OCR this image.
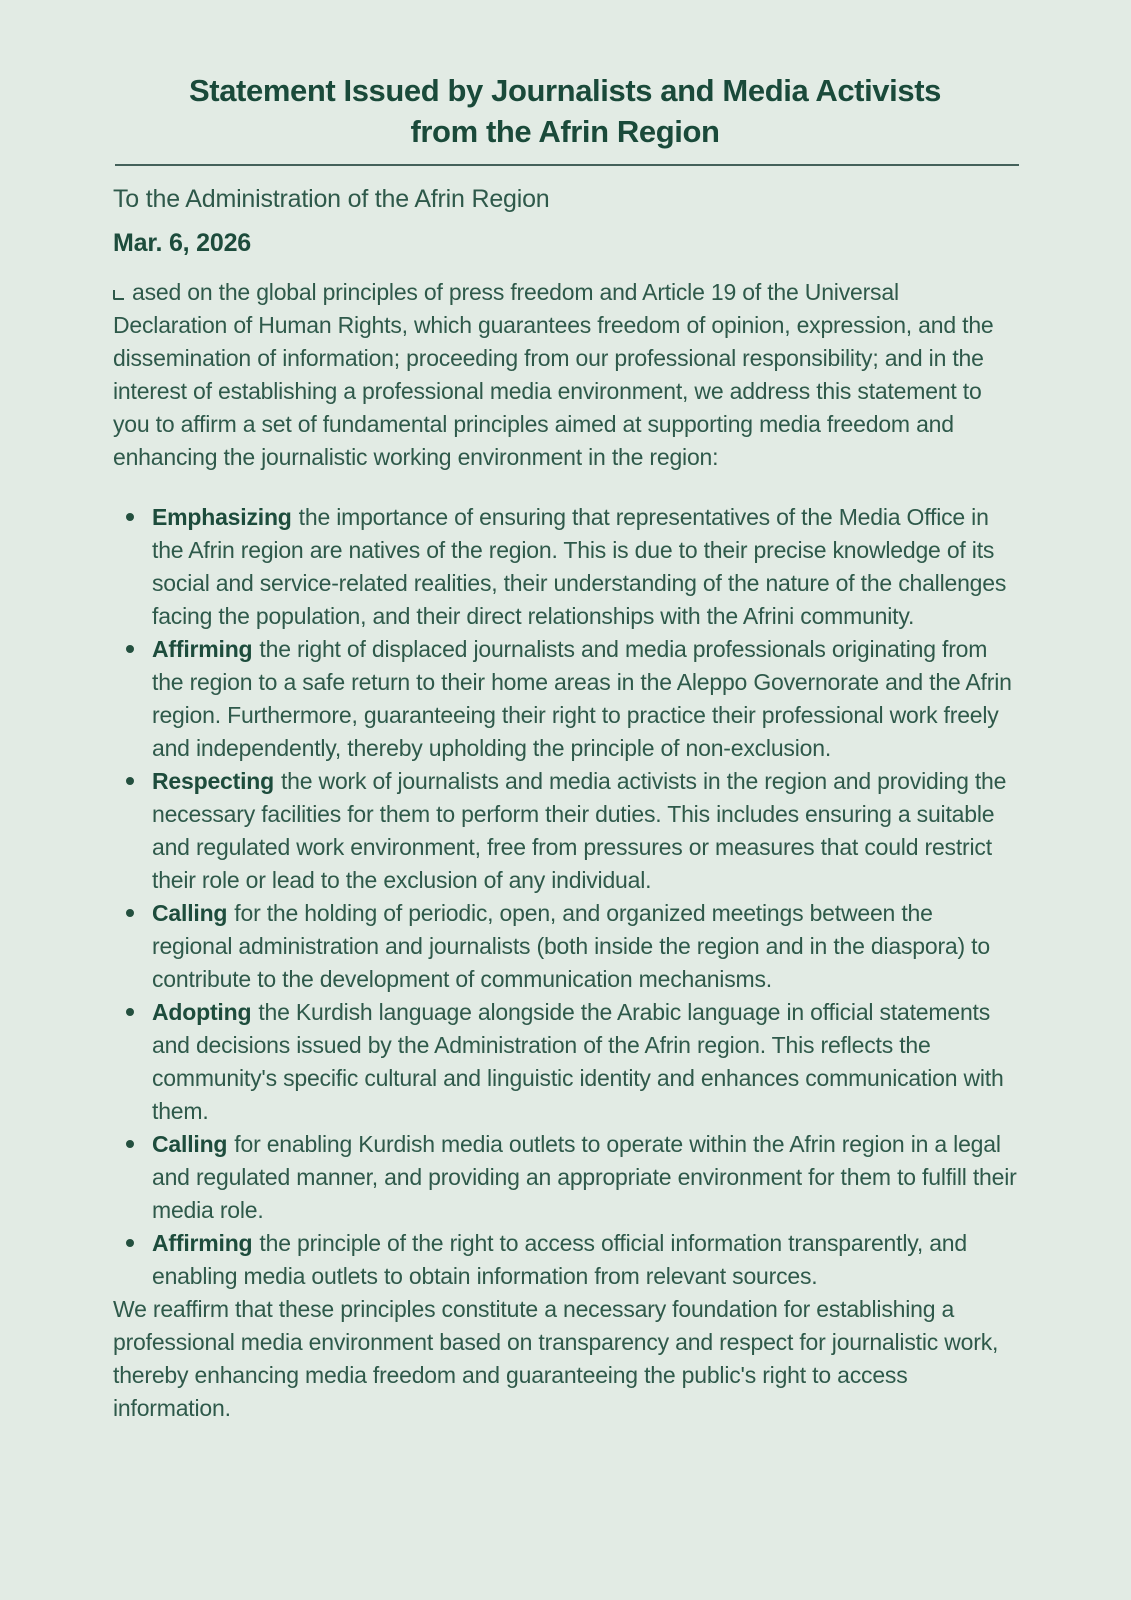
Statement Issued by Journalists and Media Activists
from the Afrin Region

To the Administration of the Afrin Region

Mar. 6, 2026

ased on the global principles of press freedom and Article 19 of the Universal Declaration of Human Rights, which guarantees freedom of opinion, expression, and the dissemination of information; proceeding from our professional responsibility; and in the interest of establishing a professional media environment, we address this statement to you to affirm a set of fundamental principles aimed at supporting media freedom and enhancing the journalistic working environment in the region:

Emphasizing the importance of ensuring that representatives of the Media Office in the Afrin region are natives of the region. This is due to their precise knowledge of its social and service-related realities, their understanding of the nature of the challenges facing the population, and their direct relationships with the Afrini community.
Affirming the right of displaced journalists and media professionals originating from the region to a safe return to their home areas in the Aleppo Governorate and the Afrin region. Furthermore, guaranteeing their right to practice their professional work freely and independently, thereby upholding the principle of non-exclusion.
Respecting the work of journalists and media activists in the region and providing the necessary facilities for them to perform their duties. This includes ensuring a suitable and regulated work environment, free from pressures or measures that could restrict their role or lead to the exclusion of any individual.
Calling for the holding of periodic, open, and organized meetings between the regional administration and journalists (both inside the region and in the diaspora) to contribute to the development of communication mechanisms.
Adopting the Kurdish language alongside the Arabic language in official statements and decisions issued by the Administration of the Afrin region. This reflects the community's specific cultural and linguistic identity and enhances communication with them.
Calling for enabling Kurdish media outlets to operate within the Afrin region in a legal and regulated manner, and providing an appropriate environment for them to fulfill their media role.
Affirming the principle of the right to access official information transparently, and enabling media outlets to obtain information from relevant sources.

We reaffirm that these principles constitute a necessary foundation for establishing a professional media environment based on transparency and respect for journalistic work, thereby enhancing media freedom and guaranteeing the public's right to access information.
